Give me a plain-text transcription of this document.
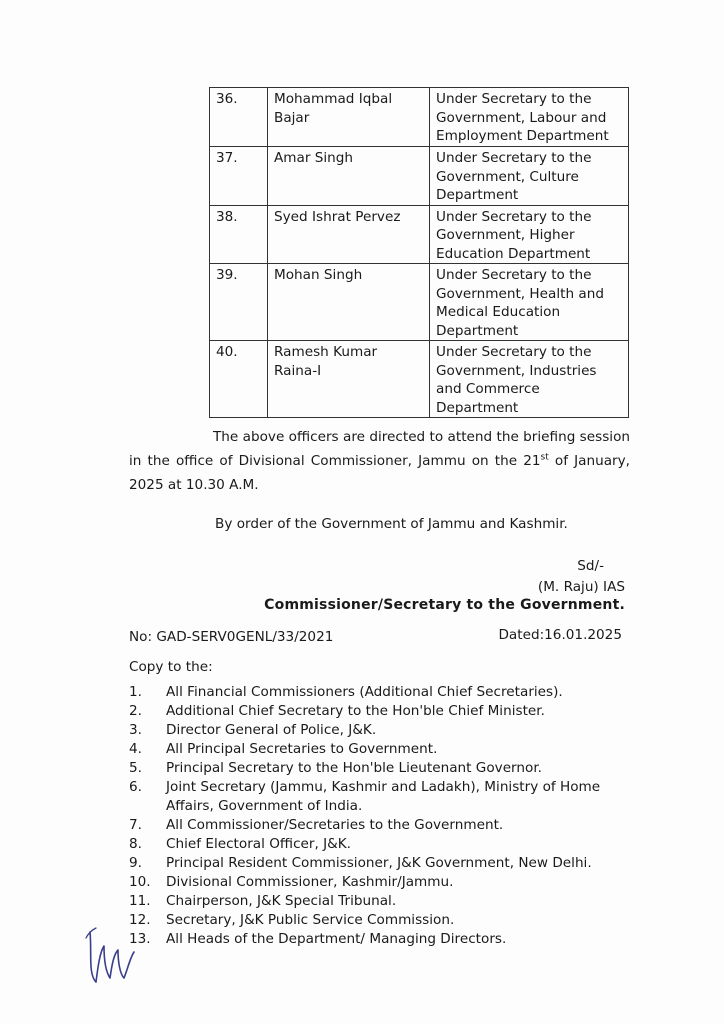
36.	Mohammad Iqbal Bajar	Under Secretary to the Government, Labour and Employment Department
37.	Amar Singh	Under Secretary to the Government, Culture Department
38.	Syed Ishrat Pervez	Under Secretary to the Government, Higher Education Department
39.	Mohan Singh	Under Secretary to the Government, Health and Medical Education Department
40.	Ramesh Kumar Raina-I	Under Secretary to the Government, Industries and Commerce Department
The above officers are directed to attend the briefing session in the office of Divisional Commissioner, Jammu on the 21st of January, 2025 at 10.30 A.M.
By order of the Government of Jammu and Kashmir.
Sd/-
(M. Raju) IAS
Commissioner/Secretary to the Government.
No: GAD-SERV0GENL/33/2021	Dated:16.01.2025
Copy to the:
1. All Financial Commissioners (Additional Chief Secretaries).
2. Additional Chief Secretary to the Hon'ble Chief Minister.
3. Director General of Police, J&K.
4. All Principal Secretaries to Government.
5. Principal Secretary to the Hon'ble Lieutenant Governor.
6. Joint Secretary (Jammu, Kashmir and Ladakh), Ministry of Home Affairs, Government of India.
7. All Commissioner/Secretaries to the Government.
8. Chief Electoral Officer, J&K.
9. Principal Resident Commissioner, J&K Government, New Delhi.
10. Divisional Commissioner, Kashmir/Jammu.
11. Chairperson, J&K Special Tribunal.
12. Secretary, J&K Public Service Commission.
13. All Heads of the Department/ Managing Directors.
